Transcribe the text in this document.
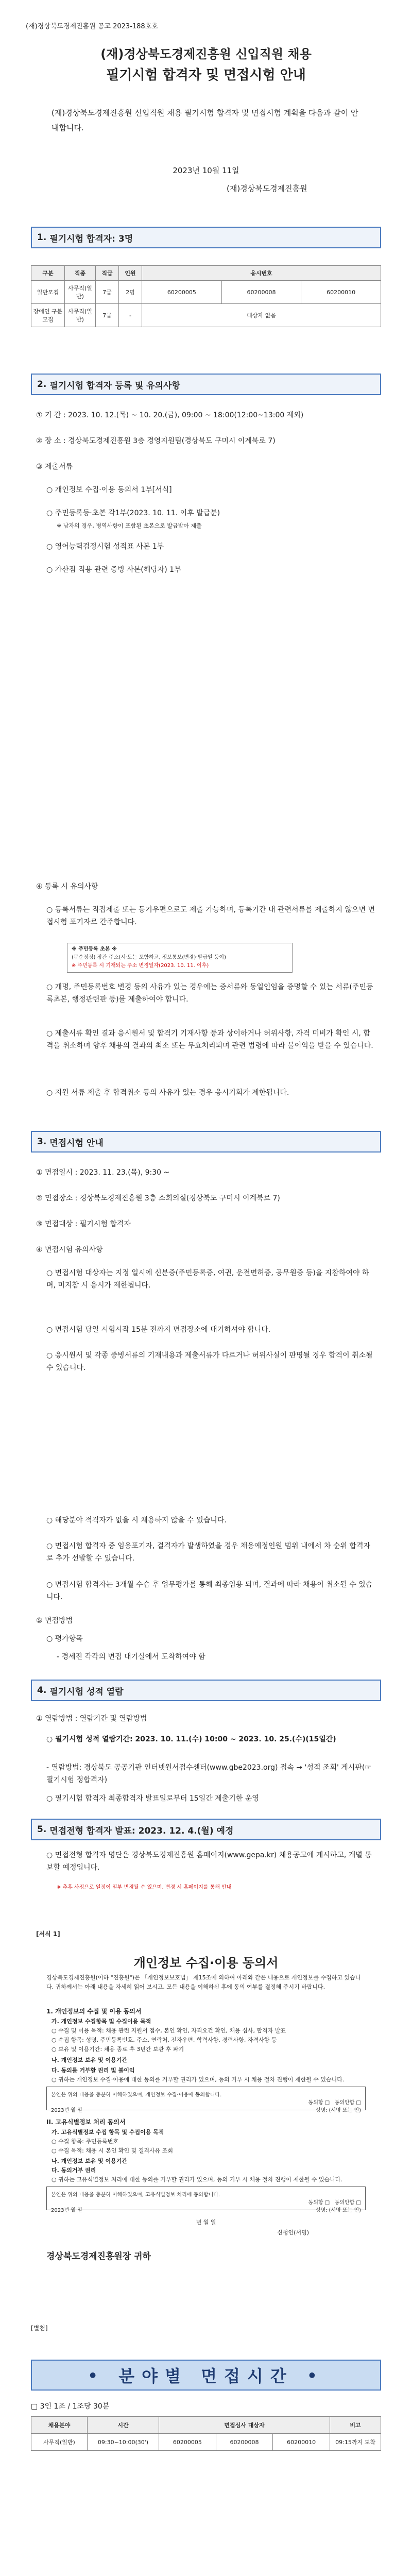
(재)경상북도경제진흥원 공고 2023-188호호
(재)경상북도경제진흥원 신입직원 채용
필기시험 합격자 및 면접시험 안내
(재)경상북도경제진흥원 신입직원 채용 필기시험 합격자 및 면접시험 계획을 다음과 같이 안내합니다.
2023년 10월 11일
(재)경상북도경제진흥원
1. 필기시험 합격자: 3명
구분	직종	직급	인원	응시번호		
일반모집	사무직(일반)	7급	2명	60200005	60200008	60200010
장애인 구분모집	사무직(일반)	7급	-	대상자 없음		
2. 필기시험 합격자 등록 및 유의사항
① 기 간 : 2023. 10. 12.(목) ~ 10. 20.(금), 09:00 ~ 18:00(12:00~13:00 제외)
② 장 소 : 경상북도경제진흥원 3층 경영지원팀(경상북도 구미시 이계북로 7)
③ 제출서류
○ 개인정보 수집·이용 동의서 1부[서식]
○ 주민등록등·초본 각1부(2023. 10. 11. 이후 발급분)
※ 남자의 경우, 병역사항이 포함된 초본으로 발급받아 제출
○ 영어능력검정시험 성적표 사본 1부
○ 가산점 적용 관련 증빙 사본(해당자) 1부
④ 등록 시 유의사항
○ 등록서류는 직접제출 또는 등기우편으로도 제출 가능하며, 등록기간 내 관련서류를 제출하지 않으면 면접시험 포기자로 간주합니다.
※ 주민등록 초본 ※
(무순정정) 장관 주소(시·도는 포함하고, 정보통보(변경)·발급일 등이)
※ 주민등록 시 기재되는 주소 변경일자(2023. 10. 11. 이후)
○ 개명, 주민등록번호 변경 등의 사유가 있는 경우에는 증서류와 동일인임을 증명할 수 있는 서류(주민등록초본, 행정관련판 등)를 제출하여야 합니다.
○ 제출서류 확인 결과 응시원서 및 합격기 기재사항 등과 상이하거나 허위사항, 자격 미비가 확인 시, 합격을 취소하며 향후 채용의 결과의 최소 또는 무효처리되며 관련 법령에 따라 불이익을 받을 수 있습니다.
○ 지원 서류 제출 후 합격취소 등의 사유가 있는 경우 응시기회가 제한됩니다.
3. 면접시험 안내
① 면접일시 : 2023. 11. 23.(목), 9:30 ~
② 면접장소 : 경상북도경제진흥원 3층 소회의실(경상북도 구미시 이계북로 7)
③ 면접대상 : 필기시험 합격자
④ 면접시험 유의사항
○ 면접시험 대상자는 지정 일시에 신분증(주민등록증, 여권, 운전면허증, 공무원증 등)을 지참하여야 하며, 미지참 시 응시가 제한됩니다.
○ 면접시험 당일 시험시작 15분 전까지 면접장소에 대기하셔야 합니다.
○ 응시원서 및 각종 증빙서류의 기재내용과 제출서류가 다르거나 허위사실이 판명될 경우 합격이 취소될 수 있습니다.
○ 해당분야 적격자가 없을 시 채용하지 않을 수 있습니다.
○ 면접시험 합격자 중 임용포기자, 결격자가 발생하였을 경우 채용예정인원 범위 내에서 차 순위 합격자로 추가 선발할 수 있습니다.
○ 면접시험 합격자는 3개월 수습 후 업무평가를 통해 최종임용 되며, 결과에 따라 채용이 취소될 수 있습니다.
⑤ 면접방법
○ 평가항목
- 경세진 각각의 면접 대기실에서 도착하여야 함
4. 필기시험 성적 열람
① 열람방법 : 열람기간 및 열람방법
○ 필기시험 성적 열람기간: 2023. 10. 11.(수) 10:00 ~ 2023. 10. 25.(수)(15일간)
- 열람방법: 경상북도 공공기관 인터넷원서접수센터(www.gbe2023.org) 접속 → '성적 조회' 게시판(☞필기시험 정합격자)
○ 필기시험 합격자 최종합격자 발표일로부터 15일간 제출기한 운영
5. 면접전형 합격자 발표: 2023. 12. 4.(월) 예정
○ 면접전형 합격자 명단은 경상북도경제진흥원 홈페이지(www.gepa.kr) 채용공고에 게시하고, 개별 통보할 예정입니다.
※ 추후 사정으로 일정이 일부 변경될 수 있으며, 변경 시 홈페이지를 통해 안내
[서식 1]
개인정보 수집·이용 동의서
경상북도경제진흥원(이하 "진흥원")은 「개인정보보호법」 제15조에 의하여 아래와 같은 내용으로 개인정보를 수집하고 있습니다. 귀하께서는 아래 내용을 자세히 읽어 보시고, 모든 내용을 이해하신 후에 동의 여부를 결정해 주시기 바랍니다.
1. 개인정보의 수집 및 이용 동의서
가. 개인정보 수집항목 및 수집이용 목적
○ 수집 및 이용 목적: 채용 관련 지원서 접수, 본인 확인, 자격요건 확인, 채용 심사, 합격자 발표
○ 수집 항목: 성명, 주민등록번호, 주소, 연락처, 전자우편, 학력사항, 경력사항, 자격사항 등
○ 보유 및 이용기간: 채용 종료 후 3년간 보관 후 파기
나. 개인정보 보유 및 이용기간
다. 동의를 거부할 권리 및 불이익
○ 귀하는 개인정보 수집·이용에 대한 동의를 거부할 권리가 있으며, 동의 거부 시 채용 절차 진행이 제한될 수 있습니다.
본인은 위의 내용을 충분히 이해하였으며, 개인정보 수집·이용에 동의합니다.
동의함 □ 동의안함 □
2023년 월 일	성명: (서명 또는 인)
II. 고유식별정보 처리 동의서
가. 고유식별정보 수집 항목 및 수집이용 목적
○ 수집 항목: 주민등록번호
○ 수집 목적: 채용 시 본인 확인 및 결격사유 조회
나. 개인정보 보유 및 이용기간
다. 동의거부 권리
○ 귀하는 고유식별정보 처리에 대한 동의를 거부할 권리가 있으며, 동의 거부 시 채용 절차 진행이 제한될 수 있습니다.
본인은 위의 내용을 충분히 이해하였으며, 고유식별정보 처리에 동의합니다.
동의함 □ 동의안함 □
2023년 월 일	성명: (서명 또는 인)
년 월 일
신청인(서명)
경상북도경제진흥원장 귀하
[별첨]
● 분야별 면접시간 ●
□ 3인 1조 / 1조당 30분
채용분야	시간	면접심사 대상자			비고
사무직(일반)	09:30~10:00(30')	60200005	60200008	60200010	09:15까지 도착
